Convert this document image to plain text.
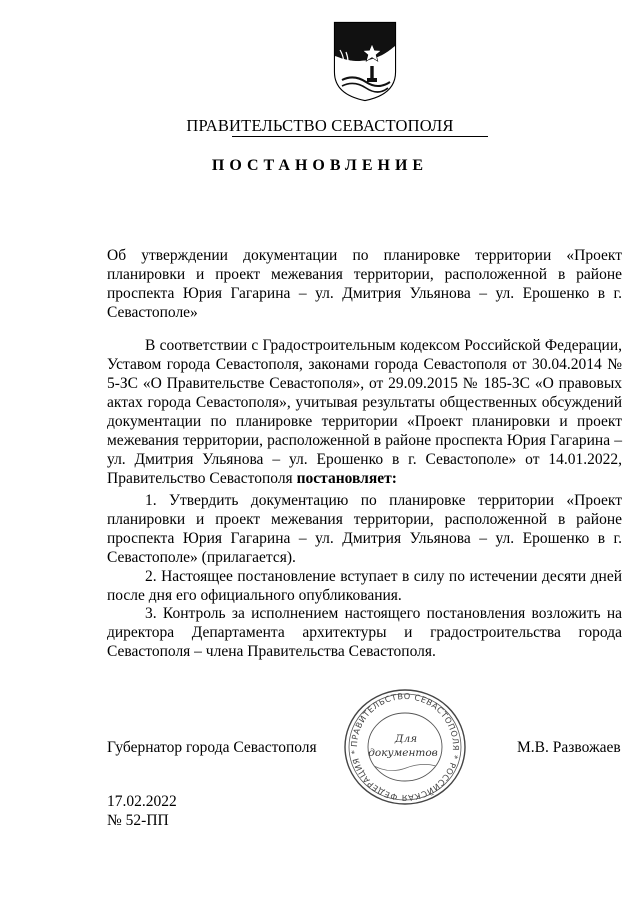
ПРАВИТЕЛЬСТВО СЕВАСТОПОЛЯ
ПОСТАНОВЛЕНИЕ

Об утверждении документации по планировке территории «Проект планировки и проект межевания территории, расположенной в районе проспекта Юрия Гагарина – ул. Дмитрия Ульянова – ул. Ерошенко в г. Севастополе»

В соответствии с Градостроительным кодексом Российской Федерации, Уставом города Севастополя, законами города Севастополя от 30.04.2014 № 5-ЗС «О Правительстве Севастополя», от 29.09.2015 № 185-ЗС «О правовых актах города Севастополя», учитывая результаты общественных обсуждений документации по планировке территории «Проект планировки и проект межевания территории, расположенной в районе проспекта Юрия Гагарина – ул. Дмитрия Ульянова – ул. Ерошенко в г. Севастополе» от 14.01.2022, Правительство Севастополя постановляет:

1. Утвердить документацию по планировке территории «Проект планировки и проект межевания территории, расположенной в районе проспекта Юрия Гагарина – ул. Дмитрия Ульянова – ул. Ерошенко в г. Севастополе» (прилагается).

2. Настоящее постановление вступает в силу по истечении десяти дней после дня его официального опубликования.

3. Контроль за исполнением настоящего постановления возложить на директора Департамента архитектуры и градостроительства города Севастополя – члена Правительства Севастополя.

Губернатор города Севастополя	М.В. Развожаев
ПРАВИТЕЛЬСТВО СЕВАСТОПОЛЯ * РОССИЙСКАЯ ФЕДЕРАЦИЯ *
Для
документов
17.02.2022
№ 52-ПП
